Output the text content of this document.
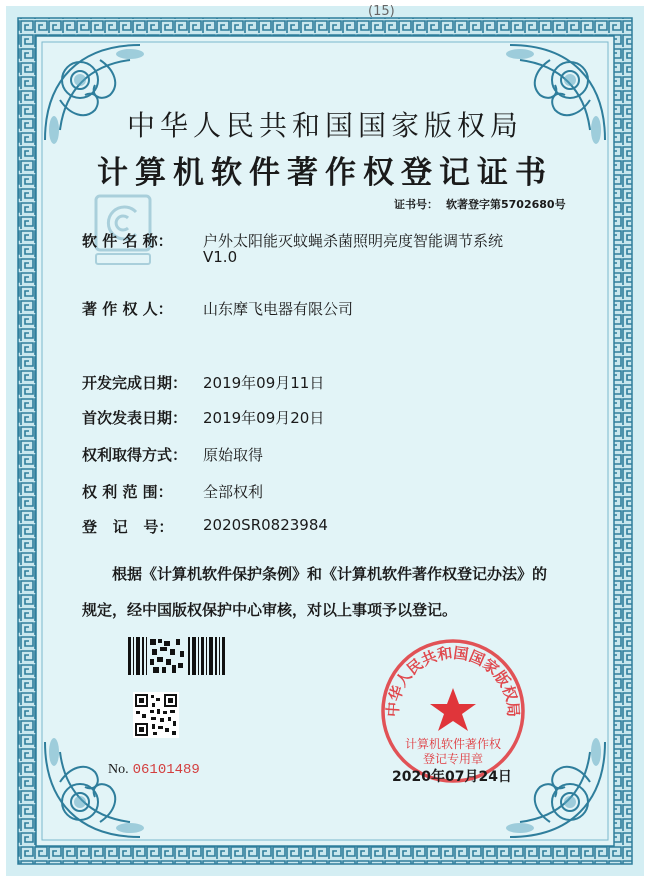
(15)
中华人民共和国国家版权局
计算机软件著作权登记证书
证书号： 软著登字第5702680号
软 件 名 称： 户外太阳能灭蚊蝇杀菌照明亮度智能调节系统
V1.0
著 作 权 人： 山东摩飞电器有限公司
开发完成日期： 2019年09月11日
首次发表日期： 2019年09月20日
权利取得方式： 原始取得
权 利 范 围： 全部权利
登   记   号： 2020SR0823984
根据《计算机软件保护条例》和《计算机软件著作权登记办法》的
规定，经中国版权保护中心审核，对以上事项予以登记。
No. 06101489
中华人民共和国国家版权局
计算机软件著作权
登记专用章
2020年07月24日
